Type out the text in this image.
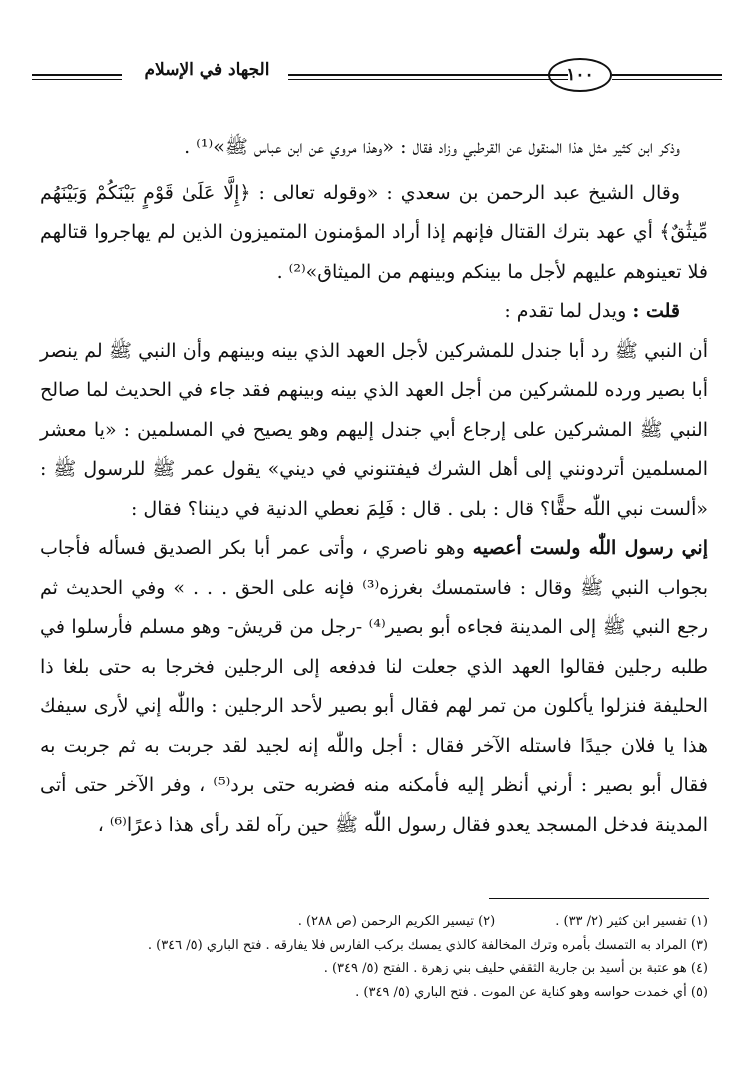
١٠٠
الجهاد في الإسلام

وذكر ابن كثير مثل هذا المنقول عن القرطبي وزاد فقال : «وهذا مروي عن ابن عباس ﷺ»⁽¹⁾ .

وقال الشيخ عبد الرحمن بن سعدي : «وقوله تعالى : ﴿إِلَّا عَلَىٰ قَوْمٍ بَيْنَكُمْ وَبَيْنَهُم مِّيثَٰقٌ﴾ أي عهد بترك القتال فإنهم إذا أراد المؤمنون المتميزون الذين لم يهاجروا قتالهم فلا تعينوهم عليهم لأجل ما بينكم وبينهم من الميثاق»⁽²⁾ .

قلت : ويدل لما تقدم :

أن النبي ﷺ رد أبا جندل للمشركين لأجل العهد الذي بينه وبينهم وأن النبي ﷺ لم ينصر أبا بصير ورده للمشركين من أجل العهد الذي بينه وبينهم فقد جاء في الحديث لما صالح النبي ﷺ المشركين على إرجاع أبي جندل إليهم وهو يصيح في المسلمين : «يا معشر المسلمين أتردونني إلى أهل الشرك فيفتنوني في ديني» يقول عمر ﷺ للرسول ﷺ : «ألست نبي اللّٰه حقًّا؟ قال : بلى . قال : فَلِمَ نعطي الدنية في ديننا؟ فقال :

إني رسول اللّٰه ولست أعصيه وهو ناصري ، وأتى عمر أبا بكر الصديق فسأله فأجاب بجواب النبي ﷺ وقال : فاستمسك بغرزه⁽³⁾ فإنه على الحق . . . » وفي الحديث ثم رجع النبي ﷺ إلى المدينة فجاءه أبو بصير⁽⁴⁾ -رجل من قريش- وهو مسلم فأرسلوا في طلبه رجلين فقالوا العهد الذي جعلت لنا فدفعه إلى الرجلين فخرجا به حتى بلغا ذا الحليفة فنزلوا يأكلون من تمر لهم فقال أبو بصير لأحد الرجلين : واللّٰه إني لأرى سيفك هذا يا فلان جيدًا فاستله الآخر فقال : أجل واللّٰه إنه لجيد لقد جربت به ثم جربت به فقال أبو بصير : أرني أنظر إليه فأمكنه منه فضربه حتى برد⁽⁵⁾ ، وفر الآخر حتى أتى المدينة فدخل المسجد يعدو فقال رسول اللّٰه ﷺ حين رآه لقد رأى هذا ذعرًا⁽⁶⁾ ،

(١) تفسير ابن كثير (٢/ ٣٣) .
(٢) تيسير الكريم الرحمن (ص ٢٨٨) .
(٣) المراد به التمسك بأمره وترك المخالفة كالذي يمسك بركب الفارس فلا يفارقه . فتح الباري (٥/ ٣٤٦) .
(٤) هو عتبة بن أسيد بن جارية الثقفي حليف بني زهرة . الفتح (٥/ ٣٤٩) .
(٥) أي خمدت حواسه وهو كناية عن الموت . فتح الباري (٥/ ٣٤٩) .
